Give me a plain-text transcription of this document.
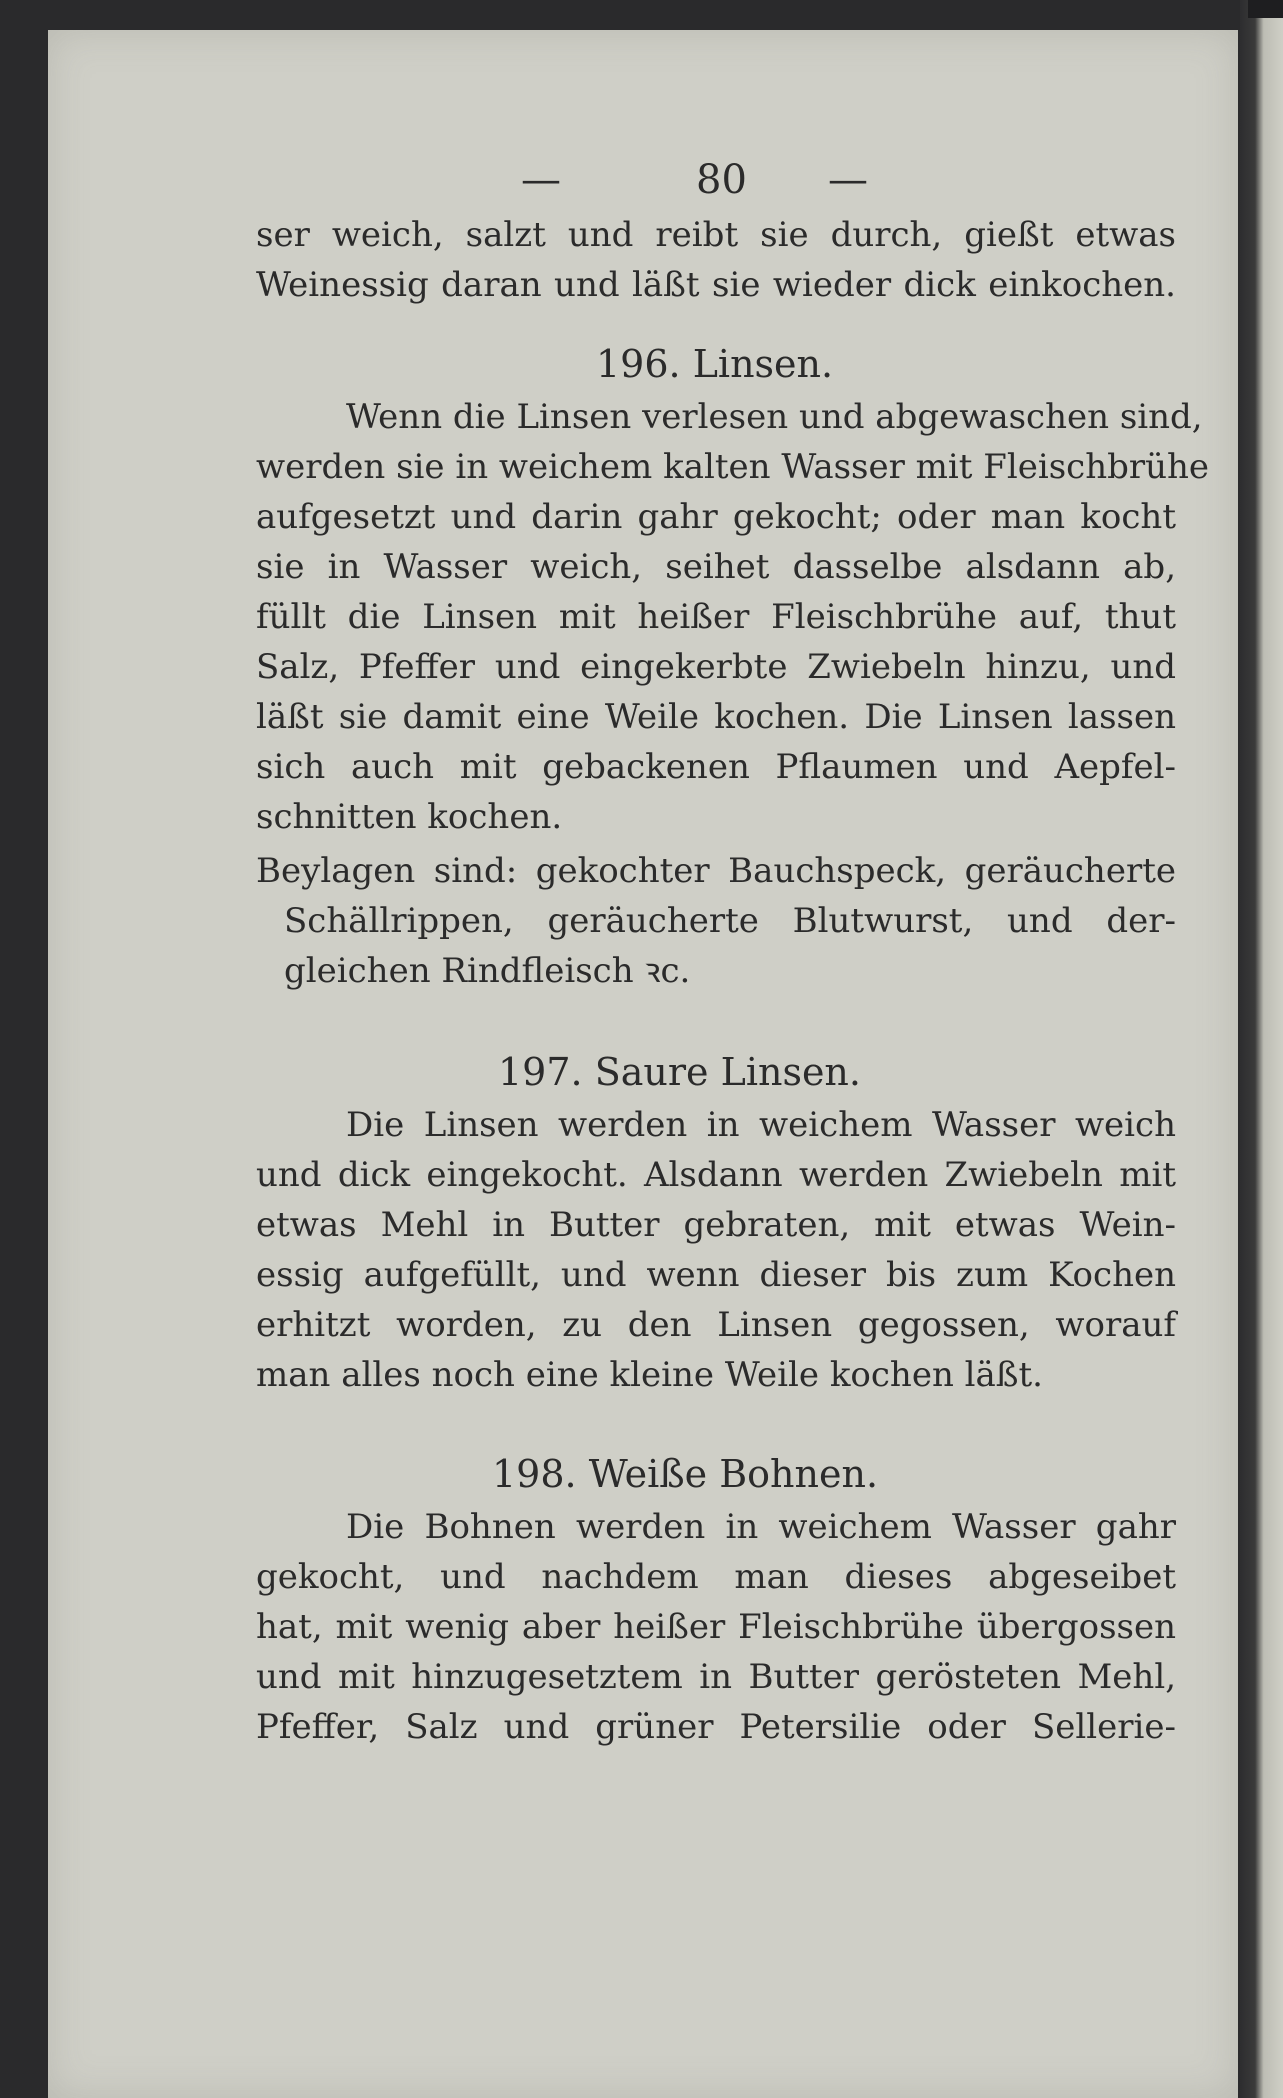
—	80 —
ser weich, salzt und reibt sie durch, gießt etwas
Weinessig daran und läßt sie wieder dick einkochen.
196. Linsen.
Wenn die Linsen verlesen und abgewaschen sind,
werden sie in weichem kalten Wasser mit Fleischbrühe
aufgesetzt und darin gahr gekocht; oder man kocht
sie in Wasser weich, seihet dasselbe alsdann ab,
füllt die Linsen mit heißer Fleischbrühe auf, thut
Salz, Pfeffer und eingekerbte Zwiebeln hinzu, und
läßt sie damit eine Weile kochen. Die Linsen lassen
sich auch mit gebackenen Pflaumen und Aepfel-
schnitten kochen.
Beylagen sind: gekochter Bauchspeck, geräucherte
Schällrippen, geräucherte Blutwurst, und der-
gleichen Rindfleisch ꝛc.
197. Saure Linsen.
Die Linsen werden in weichem Wasser weich
und dick eingekocht. Alsdann werden Zwiebeln mit
etwas Mehl in Butter gebraten, mit etwas Wein-
essig aufgefüllt, und wenn dieser bis zum Kochen
erhitzt worden, zu den Linsen gegossen, worauf
man alles noch eine kleine Weile kochen läßt.
198. Weiße Bohnen.
Die Bohnen werden in weichem Wasser gahr
gekocht, und nachdem man dieses abgeseibet
hat, mit wenig aber heißer Fleischbrühe übergossen
und mit hinzugesetztem in Butter gerösteten Mehl,
Pfeffer, Salz und grüner Petersilie oder Sellerie-
